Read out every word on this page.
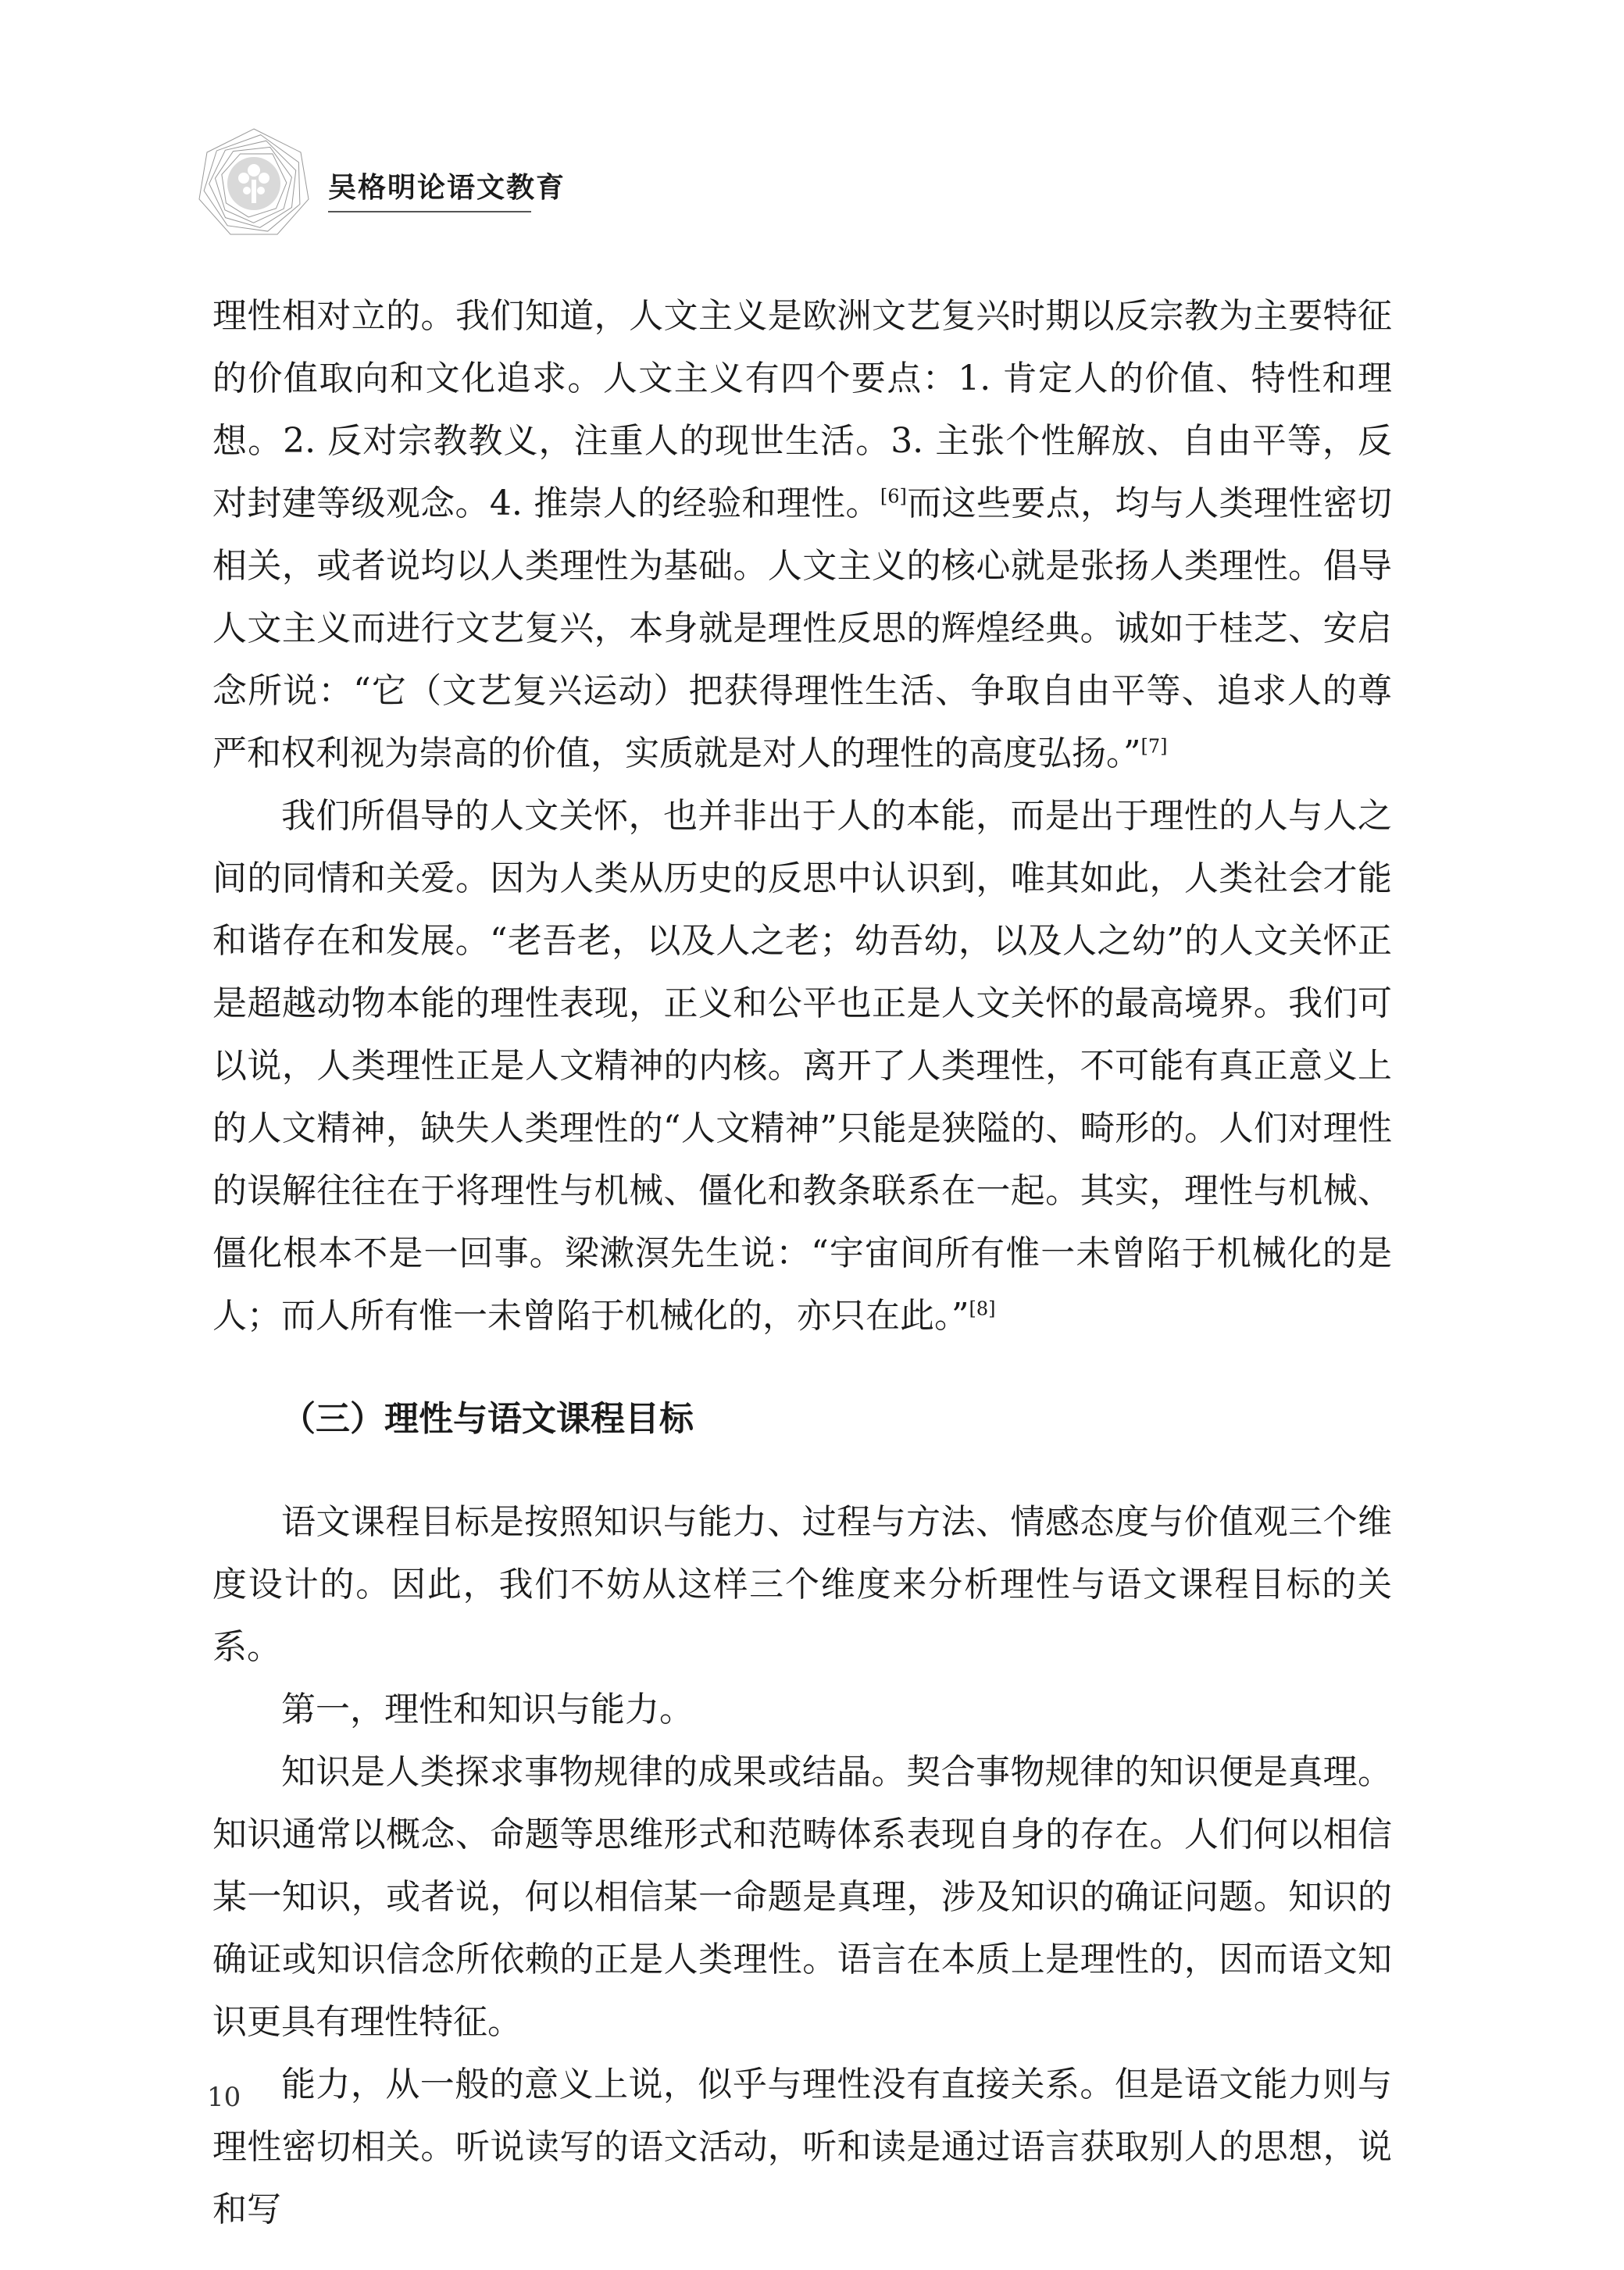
吴格明论语文教育

理性相对立的。我们知道，人文主义是欧洲文艺复兴时期以反宗教为主要特征的价值取向和文化追求。人文主义有四个要点：1. 肯定人的价值、特性和理想。2. 反对宗教教义，注重人的现世生活。3. 主张个性解放、自由平等，反对封建等级观念。4. 推崇人的经验和理性。[6]而这些要点，均与人类理性密切相关，或者说均以人类理性为基础。人文主义的核心就是张扬人类理性。倡导人文主义而进行文艺复兴，本身就是理性反思的辉煌经典。诚如于桂芝、安启念所说：“它（文艺复兴运动）把获得理性生活、争取自由平等、追求人的尊严和权利视为崇高的价值，实质就是对人的理性的高度弘扬。”[7]

我们所倡导的人文关怀，也并非出于人的本能，而是出于理性的人与人之间的同情和关爱。因为人类从历史的反思中认识到，唯其如此，人类社会才能和谐存在和发展。“老吾老，以及人之老；幼吾幼，以及人之幼”的人文关怀正是超越动物本能的理性表现，正义和公平也正是人文关怀的最高境界。我们可以说，人类理性正是人文精神的内核。离开了人类理性，不可能有真正意义上的人文精神，缺失人类理性的“人文精神”只能是狭隘的、畸形的。人们对理性的误解往往在于将理性与机械、僵化和教条联系在一起。其实，理性与机械、僵化根本不是一回事。梁漱溟先生说：“宇宙间所有惟一未曾陷于机械化的是人；而人所有惟一未曾陷于机械化的，亦只在此。”[8]

（三）理性与语文课程目标

语文课程目标是按照知识与能力、过程与方法、情感态度与价值观三个维度设计的。因此，我们不妨从这样三个维度来分析理性与语文课程目标的关系。

第一，理性和知识与能力。

知识是人类探求事物规律的成果或结晶。契合事物规律的知识便是真理。知识通常以概念、命题等思维形式和范畴体系表现自身的存在。人们何以相信某一知识，或者说，何以相信某一命题是真理，涉及知识的确证问题。知识的确证或知识信念所依赖的正是人类理性。语言在本质上是理性的，因而语文知识更具有理性特征。

能力，从一般的意义上说，似乎与理性没有直接关系。但是语文能力则与理性密切相关。听说读写的语文活动，听和读是通过语言获取别人的思想，说和写

10
